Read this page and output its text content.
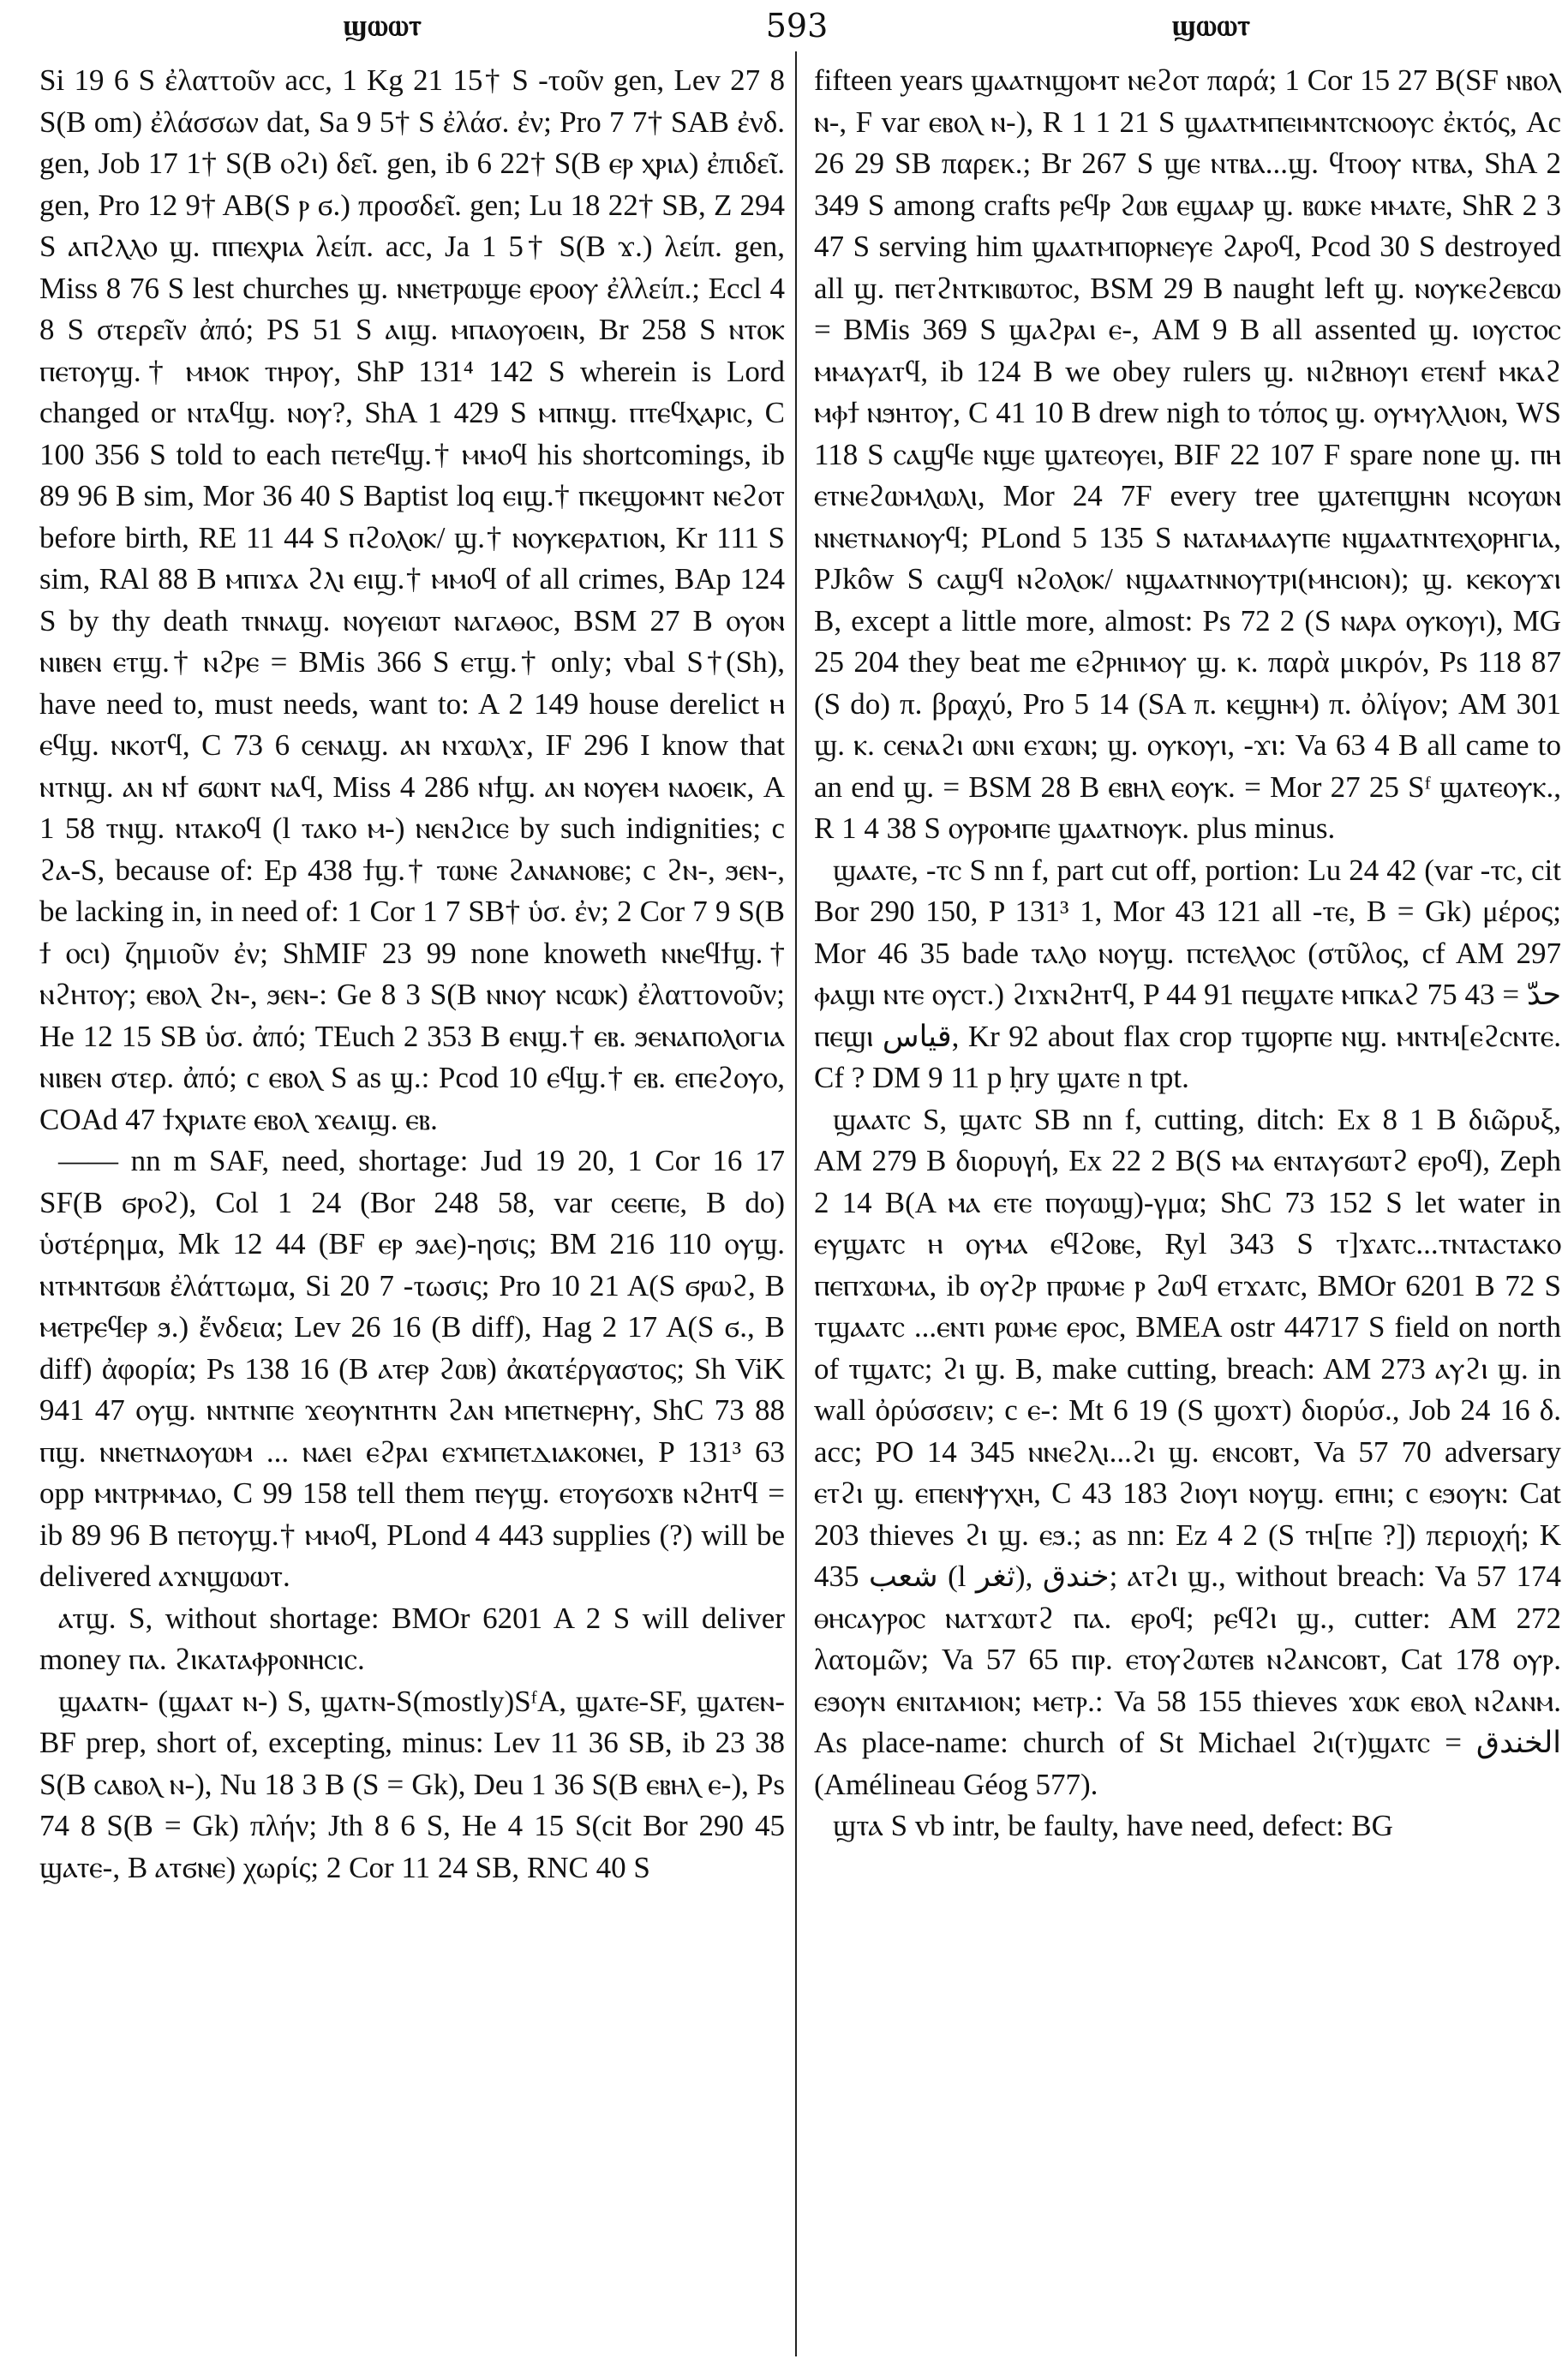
ϣⲱⲱⲧ	593	ϣⲱⲱⲧ

Si 19 6 S ἐλαττοῦν acc, 1 Kg 21 15† S -τοῦν gen, Lev 27 8 S(B om) ἐλάσσων dat, Sa 9 5† S ἐλάσ. ἐν; Pro 7 7† SAB ἐνδ. gen, Job 17 1† S(B ⲟϩⲓ) δεῖ. gen, ib 6 22† S(B ⲉⲣ ⲭⲣⲓⲁ) ἐπιδεῖ. gen, Pro 12 9† AB(S ⲣ ϭ.) προσδεῖ. gen; Lu 18 22† SB, Z 294 S ⲁⲡϩⲗⲗⲟ ϣ. ⲡⲡⲉⲭⲣⲓⲁ λείπ. acc, Ja 1 5† S(B ϫ.) λείπ. gen, Miss 8 76 S lest churches ϣ. ⲛⲛⲉⲧⲣⲱϣⲉ ⲉⲣⲟⲟⲩ ἐλλείπ.; Eccl 4 8 S στερεῖν ἀπό; PS 51 S ⲁⲓϣ. ⲙⲡⲁⲟⲩⲟⲉⲓⲛ, Br 258 S ⲛⲧⲟⲕ ⲡⲉⲧⲟⲩϣ.† ⲙⲙⲟⲕ ⲧⲏⲣⲟⲩ, ShP 131⁴ 142 S wherein is Lord changed or ⲛⲧⲁϥϣ. ⲛⲟⲩ?, ShA 1 429 S ⲙⲡⲛϣ. ⲡⲧⲉϥⲭⲁⲣⲓⲥ, C 100 356 S told to each ⲡⲉⲧⲉϥϣ.† ⲙⲙⲟϥ his shortcomings, ib 89 96 B sim, Mor 36 40 S Baptist loq ⲉⲓϣ.† ⲡⲕⲉϣⲟⲙⲛⲧ ⲛⲉϩⲟⲧ before birth, RE 11 44 S ⲡϩⲟⲗⲟⲕ/ ϣ.† ⲛⲟⲩⲕⲉⲣⲁⲧⲓⲟⲛ, Kr 111 S sim, RAl 88 B ⲙⲡⲓϫⲁ ϩⲗⲓ ⲉⲓϣ.† ⲙⲙⲟϥ of all crimes, BAp 124 S by thy death ⲧⲛⲛⲁϣ. ⲛⲟⲩⲉⲓⲱⲧ ⲛⲁⲅⲁⲑⲟⲥ, BSM 27 B ⲟⲩⲟⲛ ⲛⲓⲃⲉⲛ ⲉⲧϣ.† ⲛϩⲣⲉ = BMis 366 S ⲉⲧϣ.† only; vbal S†(Sh), have need to, must needs, want to: A 2 149 house derelict ⲏ ⲉϥϣ. ⲛⲕⲟⲧϥ, C 73 6 ⲥⲉⲛⲁϣ. ⲁⲛ ⲛϫⲱⲗϫ, IF 296 I know that ⲛⲧⲛϣ. ⲁⲛ ⲛϯ ϭⲱⲛⲧ ⲛⲁϥ, Miss 4 286 ⲛϯϣ. ⲁⲛ ⲛⲟⲩⲉⲙ ⲛⲁⲟⲉⲓⲕ, A 1 58 ⲧⲛϣ. ⲛⲧⲁⲕⲟϥ (l ⲧⲁⲕⲟ ⲙ-) ⲛⲉⲛϩⲓⲥⲉ by such indignities; c ϩⲁ-S, because of: Ep 438 ϯϣ.† ⲧⲱⲛⲉ ϩⲁⲛⲁⲛⲟⲃⲉ; c ϩⲛ-, ϧⲉⲛ-, be lacking in, in need of: 1 Cor 1 7 SB† ὑσ. ἐν; 2 Cor 7 9 S(B ϯ ⲟⲥⲓ) ζημιοῦν ἐν; ShMIF 23 99 none knoweth ⲛⲛⲉϥϯϣ.† ⲛϩⲏⲧⲟⲩ; ⲉⲃⲟⲗ ϩⲛ-, ϧⲉⲛ-: Ge 8 3 S(B ⲛⲛⲟⲩ ⲛⲥⲱⲕ) ἐλαττονοῦν; He 12 15 SB ὑσ. ἀπό; TEuch 2 353 B ⲉⲛϣ.† ⲉⲃ. ϧⲉⲛⲁⲡⲟⲗⲟⲅⲓⲁ ⲛⲓⲃⲉⲛ στερ. ἀπό; c ⲉⲃⲟⲗ S as ϣ.: Pcod 10 ⲉϥϣ.† ⲉⲃ. ⲉⲡⲉϩⲟⲩⲟ, COAd 47 ϯⲭⲣⲓⲁⲧⲉ ⲉⲃⲟⲗ ϫⲉⲁⲓϣ. ⲉⲃ.

—— nn m SAF, need, shortage: Jud 19 20, 1 Cor 16 17 SF(B ϭⲣⲟϩ), Col 1 24 (Bor 248 58, var ⲥⲉⲉⲡⲉ, B do) ὑστέρημα, Mk 12 44 (BF ⲉⲣ ϧⲁⲉ)-ησις; BM 216 110 ⲟⲩϣ. ⲛⲧⲙⲛⲧϭⲱⲃ ἐλάττωμα, Si 20 7 -τωσις; Pro 10 21 A(S ϭⲣⲱϩ, B ⲙⲉⲧⲣⲉϥⲉⲣ ϧ.) ἔνδεια; Lev 26 16 (B diff), Hag 2 17 A(S ϭ., B diff) ἀφορία; Ps 138 16 (B ⲁⲧⲉⲣ ϩⲱⲃ) ἀκατέργαστος; Sh ViK 941 47 ⲟⲩϣ. ⲛⲛⲧⲛⲡⲉ ϫⲉⲟⲩⲛⲧⲏⲧⲛ ϩⲁⲛ ⲙⲡⲉⲧⲛⲉⲣⲏⲩ, ShC 73 88 ⲡϣ. ⲛⲛⲉⲧⲛⲁⲟⲩⲱⲙ ... ⲛⲁⲉⲓ ⲉϩⲣⲁⲓ ⲉϫⲙⲡⲉⲧⲇⲓⲁⲕⲟⲛⲉⲓ, P 131³ 63 opp ⲙⲛⲧⲣⲙⲙⲁⲟ, C 99 158 tell them ⲡⲉⲩϣ. ⲉⲧⲟⲩϭⲟϫⲃ ⲛϩⲏⲧϥ = ib 89 96 B ⲡⲉⲧⲟⲩϣ.† ⲙⲙⲟϥ, PLond 4 443 supplies (?) will be delivered ⲁϫⲛϣⲱⲱⲧ.

ⲁⲧϣ. S, without shortage: BMOr 6201 A 2 S will deliver money ⲡⲁ. ϩⲓⲕⲁⲧⲁⲫⲣⲟⲛⲏⲥⲓⲥ.

ϣⲁⲁⲧⲛ- (ϣⲁⲁⲧ ⲛ-) S, ϣⲁⲧⲛ-S(mostly)SᶠA, ϣⲁⲧⲉ-SF, ϣⲁⲧⲉⲛ-BF prep, short of, excepting, minus: Lev 11 36 SB, ib 23 38 S(B ⲥⲁⲃⲟⲗ ⲛ-), Nu 18 3 B (S = Gk), Deu 1 36 S(B ⲉⲃⲏⲗ ⲉ-), Ps 74 8 S(B = Gk) πλήν; Jth 8 6 S, He 4 15 S(cit Bor 290 45 ϣⲁⲧⲉ-, B ⲁⲧϭⲛⲉ) χωρίς; 2 Cor 11 24 SB, RNC 40 S

fifteen years ϣⲁⲁⲧⲛϣⲟⲙⲧ ⲛⲉϩⲟⲧ παρά; 1 Cor 15 27 B(SF ⲛⲃⲟⲗ ⲛ-, F var ⲉⲃⲟⲗ ⲛ-), R 1 1 21 S ϣⲁⲁⲧⲙⲡⲉⲓⲙⲛⲧⲥⲛⲟⲟⲩⲥ ἐκτός, Ac 26 29 SB παρεκ.; Br 267 S ϣⲉ ⲛⲧⲃⲁ...ϣ. ϥⲧⲟⲟⲩ ⲛⲧⲃⲁ, ShA 2 349 S among crafts ⲣⲉϥⲣ ϩⲱⲃ ⲉϣⲁⲁⲣ ϣ. ⲃⲱⲕⲉ ⲙⲙⲁⲧⲉ, ShR 2 3 47 S serving him ϣⲁⲁⲧⲙⲡⲟⲣⲛⲉⲩⲉ ϩⲁⲣⲟϥ, Pcod 30 S destroyed all ϣ. ⲡⲉⲧϩⲛⲧⲕⲓⲃⲱⲧⲟⲥ, BSM 29 B naught left ϣ. ⲛⲟⲩⲕⲉϩⲉⲃⲥⲱ = BMis 369 S ϣⲁϩⲣⲁⲓ ⲉ-, AM 9 B all assented ϣ. ⲓⲟⲩⲥⲧⲟⲥ ⲙⲙⲁⲩⲁⲧϥ, ib 124 B we obey rulers ϣ. ⲛⲓϩⲃⲏⲟⲩⲓ ⲉⲧⲉⲛϯ ⲙⲕⲁϩ ⲙⲫϯ ⲛϧⲏⲧⲟⲩ, C 41 10 B drew nigh to τόπος ϣ. ⲟⲩⲙⲩⲗⲗⲓⲟⲛ, WS 118 S ⲥⲁϣϥⲉ ⲛϣⲉ ϣⲁⲧⲉⲟⲩⲉⲓ, BIF 22 107 F spare none ϣ. ⲡⲏ ⲉⲧⲛⲉϩⲱⲙⲗⲱⲗⲓ, Mor 24 7F every tree ϣⲁⲧⲉⲡϣⲏⲛ ⲛⲥⲟⲩⲱⲛ ⲛⲛⲉⲧⲛⲁⲛⲟⲩϥ; PLond 5 135 S ⲛⲁⲧⲁⲙⲁⲁⲩⲡⲉ ⲛϣⲁⲁⲧⲛⲧⲉⲭⲟⲣⲏⲅⲓⲁ, PJkôw S ⲥⲁϣϥ ⲛϩⲟⲗⲟⲕ/ ⲛϣⲁⲁⲧⲛⲛⲟⲩⲧⲣⲓ(ⲙⲏⲥⲓⲟⲛ); ϣ. ⲕⲉⲕⲟⲩϫⲓ B, except a little more, almost: Ps 72 2 (S ⲛⲁⲣⲁ ⲟⲩⲕⲟⲩⲓ), MG 25 204 they beat me ⲉϩⲣⲏⲓⲙⲟⲩ ϣ. ⲕ. παρὰ μικρόν, Ps 118 87 (S do) π. βραχύ, Pro 5 14 (SA π. ⲕⲉϣⲏⲙ) π. ὀλίγον; AM 301 ϣ. ⲕ. ⲥⲉⲛⲁϩⲓ ⲱⲛⲓ ⲉϫⲱⲛ; ϣ. ⲟⲩⲕⲟⲩⲓ, -ϫⲓ: Va 63 4 B all came to an end ϣ. = BSM 28 B ⲉⲃⲏⲗ ⲉⲟⲩⲕ. = Mor 27 25 Sᶠ ϣⲁⲧⲉⲟⲩⲕ., R 1 4 38 S ⲟⲩⲣⲟⲙⲡⲉ ϣⲁⲁⲧⲛⲟⲩⲕ. plus minus.

ϣⲁⲁⲧⲉ, -ⲧⲥ S nn f, part cut off, portion: Lu 24 42 (var -ⲧⲥ, cit Bor 290 150, P 131³ 1, Mor 43 121 all -ⲧⲉ, B = Gk) μέρος; Mor 46 35 bade ⲧⲁⲗⲟ ⲛⲟⲩϣ. ⲡⲥⲧⲉⲗⲗⲟⲥ (στῦλος, cf AM 297 ⲫⲁϣⲓ ⲛⲧⲉ ⲟⲩⲥⲧ.) ϩⲓϫⲛϩⲏⲧϥ, P 44 91 ⲡⲉϣⲁⲧⲉ ⲙⲡⲕⲁϩ حدّ = 43 75 ⲡⲉϣⲓ قياس, Kr 92 about flax crop ⲧϣⲟⲣⲡⲉ ⲛϣ. ⲙⲛⲧⲙ[ⲉϩⲥⲛⲧⲉ. Cf ? DM 9 11 p ḥry ϣⲁⲧⲉ n tpt.

ϣⲁⲁⲧⲥ S, ϣⲁⲧⲥ SB nn f, cutting, ditch: Ex 8 1 B διῶρυξ, AM 279 B διορυγή, Ex 22 2 B(S ⲙⲁ ⲉⲛⲧⲁⲩϭⲱⲧϩ ⲉⲣⲟϥ), Zeph 2 14 B(A ⲙⲁ ⲉⲧⲉ ⲡⲟⲩⲱϣ)-γμα; ShC 73 152 S let water in ⲉⲩϣⲁⲧⲥ ⲏ ⲟⲩⲙⲁ ⲉϥϩⲟⲃⲉ, Ryl 343 S ⲧ]ϫⲁⲧⲥ...ⲧⲛⲧⲁⲥⲧⲁⲕⲟ ⲡⲉⲡϫⲱⲙⲁ, ib ⲟⲩϩⲣ ⲡⲣⲱⲙⲉ ⲣ ϩⲱϥ ⲉⲧϫⲁⲧⲥ, BMOr 6201 B 72 S ⲧϣⲁⲁⲧⲥ ...ⲉⲛⲧⲓ ⲣⲱⲙⲉ ⲉⲣⲟⲥ, BMEA ostr 44717 S field on north of ⲧϣⲁⲧⲥ; ϩⲓ ϣ. B, make cutting, breach: AM 273 ⲁⲩϩⲓ ϣ. in wall ὀρύσσειν; c ⲉ-: Mt 6 19 (S ϣⲟϫⲧ) διορύσ., Job 24 16 δ. acc; PO 14 345 ⲛⲛⲉϩⲗⲓ...ϩⲓ ϣ. ⲉⲛⲥⲟⲃⲧ, Va 57 70 adversary ⲉⲧϩⲓ ϣ. ⲉⲡⲉⲛⲯⲩⲭⲏ, C 43 183 ϩⲓⲟⲩⲓ ⲛⲟⲩϣ. ⲉⲡⲏⲓ; c ⲉϧⲟⲩⲛ: Cat 203 thieves ϩⲓ ϣ. ⲉϧ.; as nn: Ez 4 2 (S ⲧⲏ[ⲡⲉ ?]) περιοχή; K 435 شعب (l ثغر), خندق; ⲁⲧϩⲓ ϣ., without breach: Va 57 174 ⲑⲏⲥⲁⲩⲣⲟⲥ ⲛⲁⲧϫⲱⲧϩ ⲡⲁ. ⲉⲣⲟϥ; ⲣⲉϥϩⲓ ϣ., cutter: AM 272 λατομῶν; Va 57 65 ⲡⲓⲣ. ⲉⲧⲟⲩϩⲱⲧⲉⲃ ⲛϩⲁⲛⲥⲟⲃⲧ, Cat 178 ⲟⲩⲣ. ⲉϧⲟⲩⲛ ⲉⲛⲓⲧⲁⲙⲓⲟⲛ; ⲙⲉⲧⲣ.: Va 58 155 thieves ϫⲱⲕ ⲉⲃⲟⲗ ⲛϩⲁⲛⲙ. As place-name: church of St Michael ϩⲓ(ⲧ)ϣⲁⲧⲥ = الخندق (Amélineau Géog 577).

ϣⲧⲁ S vb intr, be faulty, have need, defect: BG
